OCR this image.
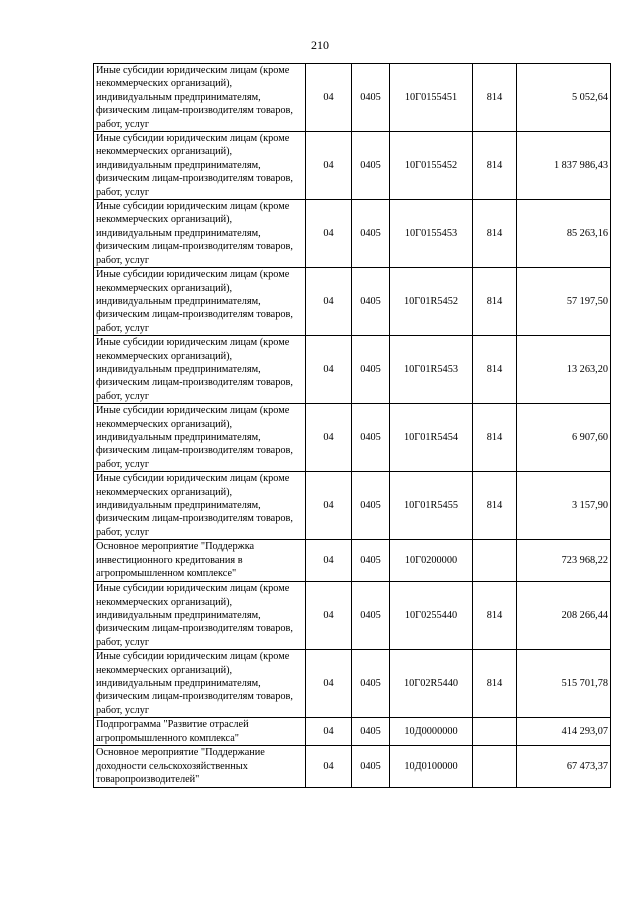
210
Иные субсидии юридическим лицам (кроме некоммерческих организаций), индивидуальным предпринимателям, физическим лицам-производителям товаров, работ, услуг	04	0405	10Г0155451	814	5 052,64
Иные субсидии юридическим лицам (кроме некоммерческих организаций), индивидуальным предпринимателям, физическим лицам-производителям товаров, работ, услуг	04	0405	10Г0155452	814	1 837 986,43
Иные субсидии юридическим лицам (кроме некоммерческих организаций), индивидуальным предпринимателям, физическим лицам-производителям товаров, работ, услуг	04	0405	10Г0155453	814	85 263,16
Иные субсидии юридическим лицам (кроме некоммерческих организаций), индивидуальным предпринимателям, физическим лицам-производителям товаров, работ, услуг	04	0405	10Г01R5452	814	57 197,50
Иные субсидии юридическим лицам (кроме некоммерческих организаций), индивидуальным предпринимателям, физическим лицам-производителям товаров, работ, услуг	04	0405	10Г01R5453	814	13 263,20
Иные субсидии юридическим лицам (кроме некоммерческих организаций), индивидуальным предпринимателям, физическим лицам-производителям товаров, работ, услуг	04	0405	10Г01R5454	814	6 907,60
Иные субсидии юридическим лицам (кроме некоммерческих организаций), индивидуальным предпринимателям, физическим лицам-производителям товаров, работ, услуг	04	0405	10Г01R5455	814	3 157,90
Основное мероприятие "Поддержка инвестиционного кредитования в агропромышленном комплексе"	04	0405	10Г0200000		723 968,22
Иные субсидии юридическим лицам (кроме некоммерческих организаций), индивидуальным предпринимателям, физическим лицам-производителям товаров, работ, услуг	04	0405	10Г0255440	814	208 266,44
Иные субсидии юридическим лицам (кроме некоммерческих организаций), индивидуальным предпринимателям, физическим лицам-производителям товаров, работ, услуг	04	0405	10Г02R5440	814	515 701,78
Подпрограмма "Развитие отраслей агропромышленного комплекса"	04	0405	10Д0000000		414 293,07
Основное мероприятие "Поддержание доходности сельскохозяйственных товаропроизводителей"	04	0405	10Д0100000		67 473,37
